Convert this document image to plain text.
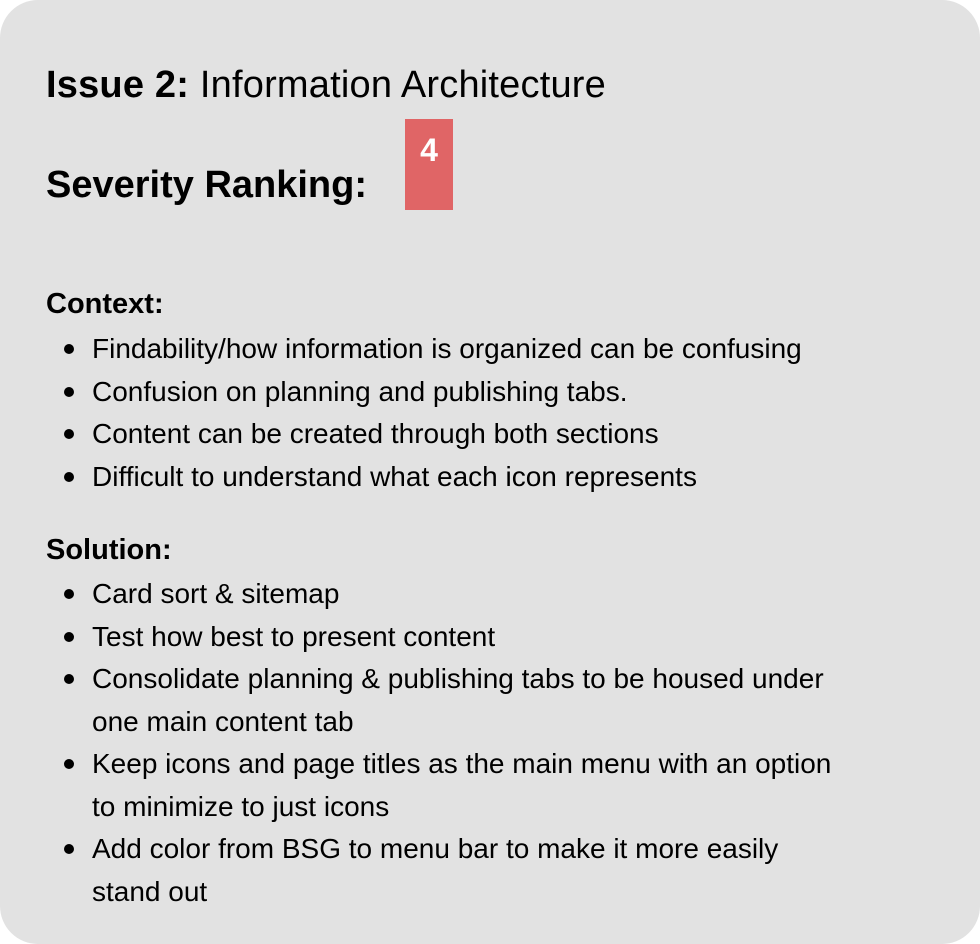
Issue 2: Information Architecture
Severity Ranking:
4
Context:
Findability/how information is organized can be confusing
Confusion on planning and publishing tabs.
Content can be created through both sections
Difficult to understand what each icon represents
Solution:
Card sort & sitemap
Test how best to present content
Consolidate planning & publishing tabs to be housed under
one main content tab
Keep icons and page titles as the main menu with an option
to minimize to just icons
Add color from BSG to menu bar to make it more easily
stand out
